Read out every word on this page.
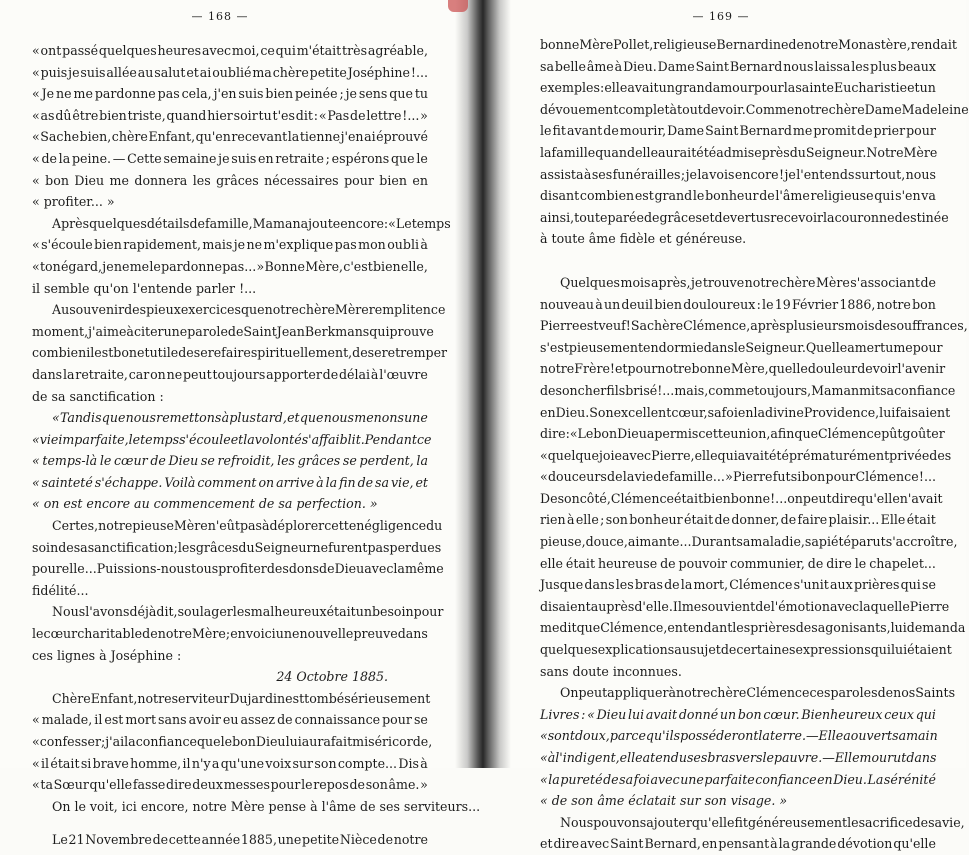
— 168 —
« ont passé quelques heures avec moi, ce qui m'était très agréable,
« puis je suis allée au salut et ai oublié ma chère petite Joséphine !...
« Je ne me pardonne pas cela, j'en suis bien peinée ; je sens que tu
« as dû être bien triste, quand hier soir tu t'es dit : « Pas de lettre !... »
« Sache bien, chère Enfant, qu'en recevant la tienne j'en ai éprouvé
« de la peine. — Cette semaine je suis en retraite ; espérons que le
« bon Dieu me donnera les grâces nécessaires pour bien en
« profiter... »
Après quelques détails de famille, Maman ajoute encore : « Le temps
« s'écoule bien rapidement, mais je ne m'explique pas mon oubli à
« ton égard, je ne me le pardonne pas... » Bonne Mère, c'est bien elle,
il semble qu'on l'entende parler !...
Au souvenir des pieux exercices que notre chère Mère remplit en ce
moment, j'aime à citer une parole de Saint Jean Berkmans qui prouve
combien il est bon et utile de se refaire spirituellement, de se retremper
dans la retraite, car on ne peut toujours apporter de délai à l'œuvre
de sa sanctification :
« Tandis que nous remettons à plus tard, et que nous menons une
« vie imparfaite, le temps s'écoule et la volonté s'affaiblit. Pendant ce
« temps-là le cœur de Dieu se refroidit, les grâces se perdent, la
« sainteté s'échappe. Voilà comment on arrive à la fin de sa vie, et
« on est encore au commencement de sa perfection. »
Certes, notre pieuse Mère n'eût pas à déplorer cette négligence du
soin de sa sanctification ; les grâces du Seigneur ne furent pas perdues
pour elle... Puissions-nous tous profiter des dons de Dieu avec la même
fidélité...
Nous l'avons déjà dit, soulager les malheureux était un besoin pour
le cœur charitable de notre Mère ; en voici une nouvelle preuve dans
ces lignes à Joséphine :
24 Octobre 1885.
Chère Enfant, notre serviteur Dujardin est tombé sérieusement
« malade, il est mort sans avoir eu assez de connaissance pour se
« confesser ; j'ai la confiance que le bon Dieu lui aura fait miséricorde,
« il était si brave homme, il n'y a qu'une voix sur son compte... Dis à
« ta Sœur qu'elle fasse dire deux messes pour le repos de son âme. »
On le voit, ici encore, notre Mère pense à l'âme de ses serviteurs...
Le 21 Novembre de cette année 1885, une petite Nièce de notre
— 169 —
bonne Mère Pollet, religieuse Bernardine de notre Monastère, rendait
sa belle âme à Dieu. Dame Saint Bernard nous laissa les plus beaux
exemples : elle avait un grand amour pour la sainte Eucharistie et un
dévouement complet à tout devoir. Comme notre chère Dame Madeleine
le fit avant de mourir, Dame Saint Bernard me promit de prier pour
la famille quand elle aurait été admise près du Seigneur. Notre Mère
assista à ses funérailles ; je la vois encore ! je l'entends surtout, nous
disant combien est grand le bonheur de l'âme religieuse qui s'en va
ainsi, toute parée de grâces et de vertus recevoir la couronne destinée
à toute âme fidèle et généreuse.
Quelques mois après, je trouve notre chère Mère s'associant de
nouveau à un deuil bien douloureux : le 19 Février 1886, notre bon
Pierre est veuf ! Sa chère Clémence, après plusieurs mois de souffrances,
s'est pieusement endormie dans le Seigneur. Quelle amertume pour
notre Frère ! et pour notre bonne Mère, quelle douleur de voir l'avenir
de son cher fils brisé !... mais, comme toujours, Maman mit sa confiance
en Dieu. Son excellent cœur, sa foi en la divine Providence, lui faisaient
dire : « Le bon Dieu a permis cette union, afin que Clémence pût goûter
« quelque joie avec Pierre, elle qui avait été prématurément privée des
« douceurs de la vie de famille... » Pierre fut si bon pour Clémence !...
De son côté, Clémence était bien bonne !... on peut dire qu'elle n'avait
rien à elle ; son bonheur était de donner, de faire plaisir... Elle était
pieuse, douce, aimante... Durant sa maladie, sa piété parut s'accroître,
elle était heureuse de pouvoir communier, de dire le chapelet...
Jusque dans les bras de la mort, Clémence s'unit aux prières qui se
disaient auprès d'elle. Il me souvient de l'émotion avec laquelle Pierre
me dit que Clémence, entendant les prières des agonisants, lui demanda
quelques explications au sujet de certaines expressions qui lui étaient
sans doute inconnues.
On peut appliquer à notre chère Clémence ces paroles de nos Saints
Livres : « Dieu lui avait donné un bon cœur. Bienheureux ceux qui
« sont doux, parce qu'ils posséderont la terre. — Elle a ouvert sa main
« à l'indigent, elle a tendu ses bras vers le pauvre. — Elle mourut dans
« la pureté de sa foi avec une parfaite confiance en Dieu. La sérénité
« de son âme éclatait sur son visage. »
Nous pouvons ajouter qu'elle fit généreusement le sacrifice de sa vie,
et dire avec Saint Bernard, en pensant à la grande dévotion qu'elle
